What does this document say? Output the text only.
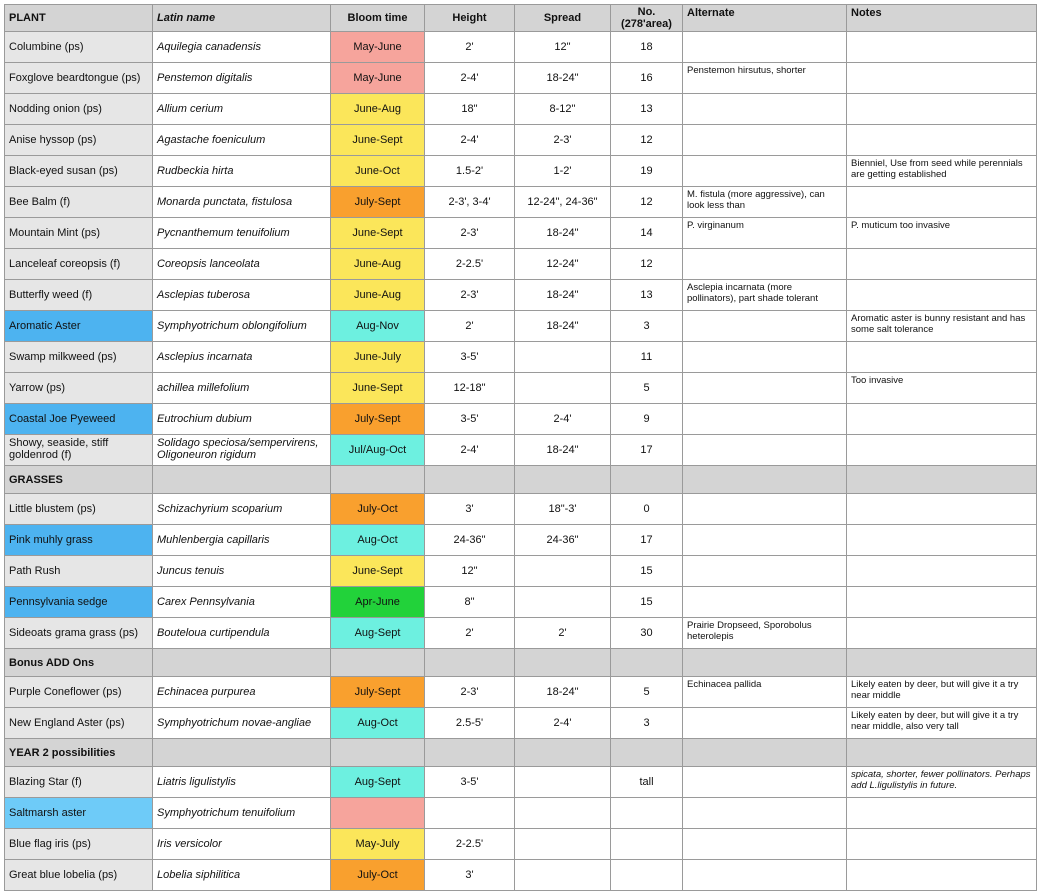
PLANT	Latin name	Bloom time	Height	Spread	No. (278'area)	Alternate	Notes
Columbine (ps)	Aquilegia canadensis	May-June	2'	12"	18		
Foxglove beardtongue (ps)	Penstemon digitalis	May-June	2-4'	18-24"	16	Penstemon hirsutus, shorter	
Nodding onion (ps)	Allium cerium	June-Aug	18"	8-12"	13		
Anise hyssop (ps)	Agastache foeniculum	June-Sept	2-4'	2-3'	12		
Black-eyed susan (ps)	Rudbeckia hirta	June-Oct	1.5-2'	1-2'	19		Bienniel, Use from seed while perennials are getting established
Bee Balm (f)	Monarda punctata, fistulosa	July-Sept	2-3', 3-4'	12-24", 24-36"	12	M. fistula (more aggressive), can look less than	
Mountain Mint (ps)	Pycnanthemum tenuifolium	June-Sept	2-3'	18-24"	14	P. virginanum	P. muticum too invasive
Lanceleaf coreopsis (f)	Coreopsis lanceolata	June-Aug	2-2.5'	12-24"	12		
Butterfly weed (f)	Asclepias tuberosa	June-Aug	2-3'	18-24"	13	Asclepia incarnata (more pollinators), part shade tolerant	
Aromatic Aster	Symphyotrichum oblongifolium	Aug-Nov	2'	18-24"	3		Aromatic aster is bunny resistant and has some salt tolerance
Swamp milkweed (ps)	Asclepius incarnata	June-July	3-5'		11		
Yarrow (ps)	achillea millefolium	June-Sept	12-18"		5		Too invasive
Coastal Joe Pyeweed	Eutrochium dubium	July-Sept	3-5'	2-4'	9		
Showy, seaside, stiff goldenrod (f)	Solidago speciosa/sempervirens, Oligoneuron rigidum	Jul/Aug-Oct	2-4'	18-24"	17		
GRASSES							
Little blustem (ps)	Schizachyrium scoparium	July-Oct	3'	18"-3'	0		
Pink muhly grass	Muhlenbergia capillaris	Aug-Oct	24-36"	24-36"	17		
Path Rush	Juncus tenuis	June-Sept	12"		15		
Pennsylvania sedge	Carex Pennsylvania	Apr-June	8"		15		
Sideoats grama grass (ps)	Bouteloua curtipendula	Aug-Sept	2'	2'	30	Prairie Dropseed, Sporobolus heterolepis	
Bonus ADD Ons							
Purple Coneflower (ps)	Echinacea purpurea	July-Sept	2-3'	18-24"	5	Echinacea pallida	Likely eaten by deer, but will give it a try near middle
New England Aster (ps)	Symphyotrichum novae-angliae	Aug-Oct	2.5-5'	2-4'	3		Likely eaten by deer, but will give it a try near middle, also very tall
YEAR 2 possibilities							
Blazing Star (f)	Liatris ligulistylis	Aug-Sept	3-5'		tall		spicata, shorter, fewer pollinators. Perhaps add L.ligulistylis in future.
Saltmarsh aster	Symphyotrichum tenuifolium						
Blue flag iris (ps)	Iris versicolor	May-July	2-2.5'				
Great blue lobelia (ps)	Lobelia siphilitica	July-Oct	3'				
